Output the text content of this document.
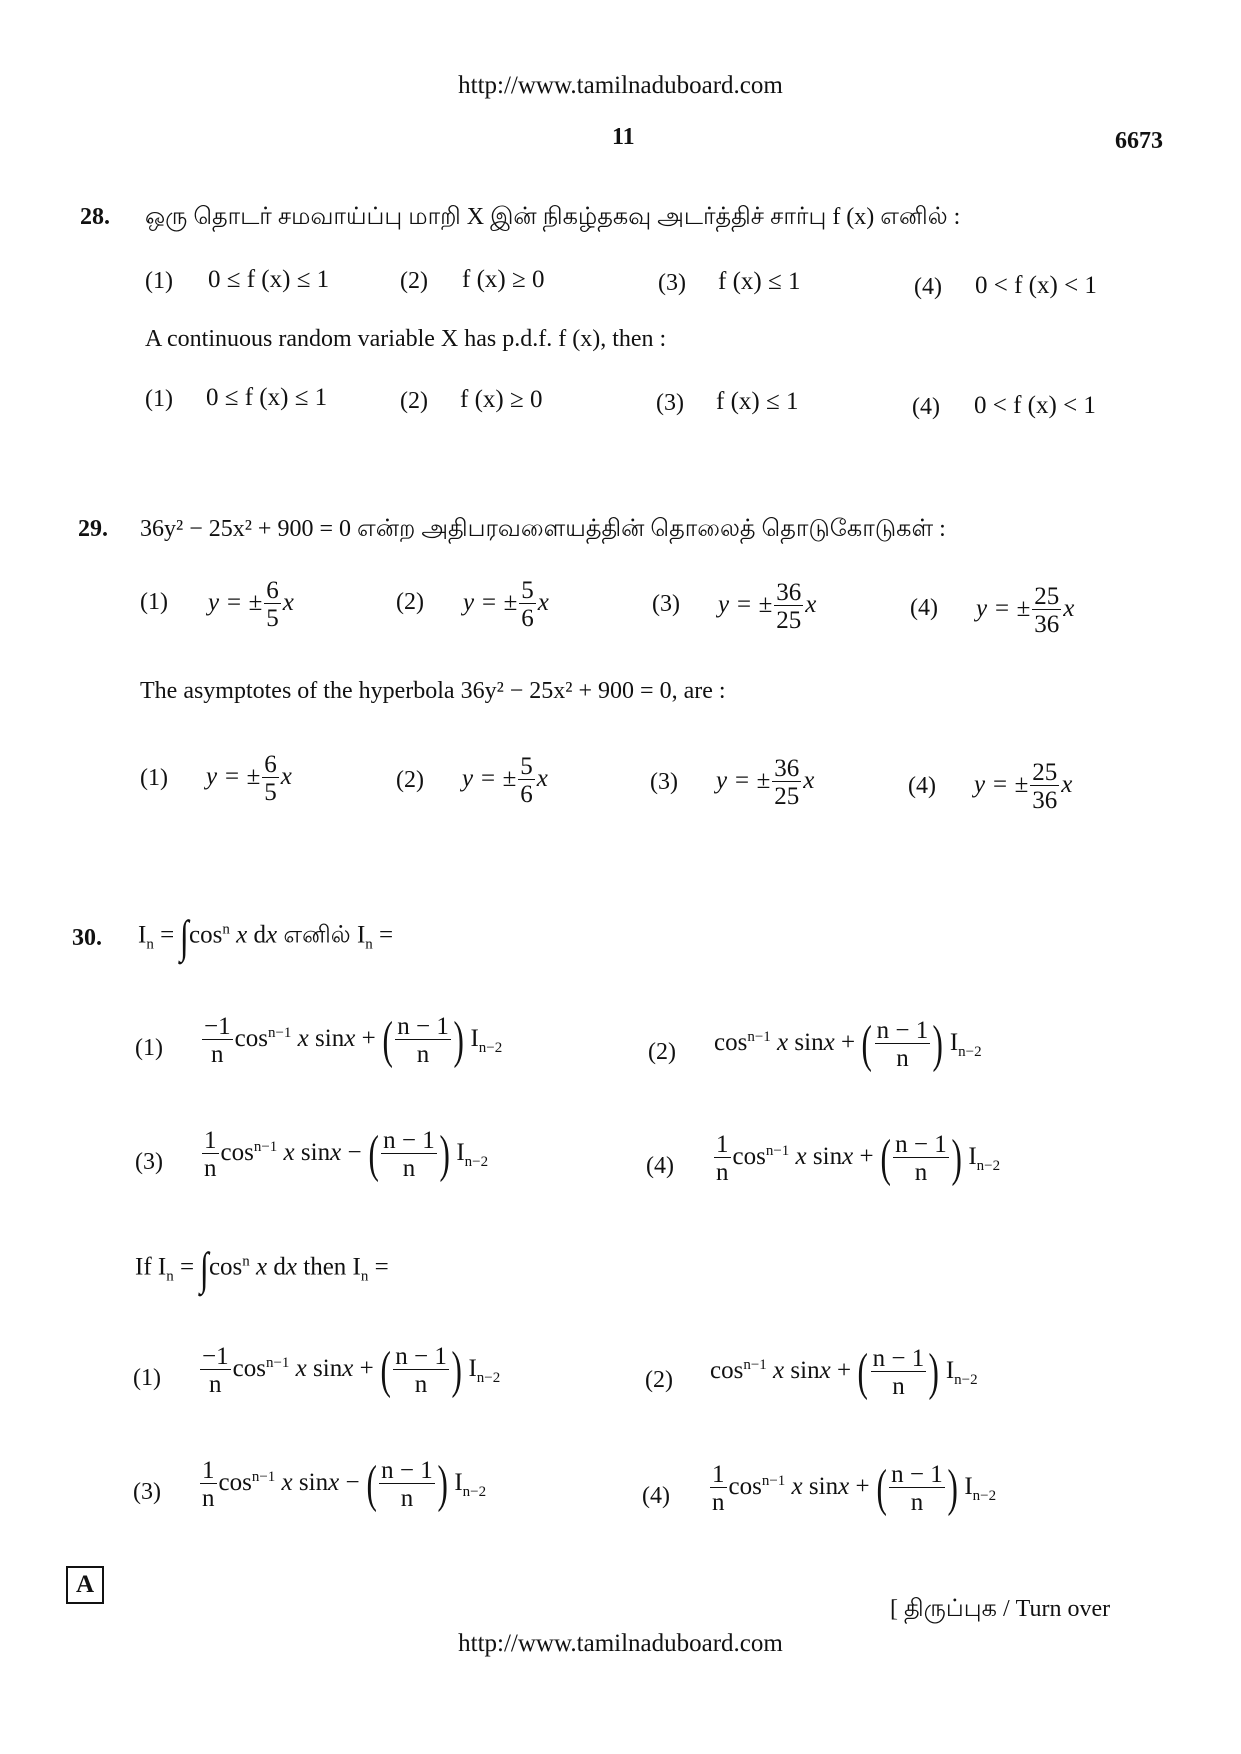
http://www.tamilnaduboard.com
11	6673
28. ஒரு தொடர் சமவாய்ப்பு மாறி X இன் நிகழ்தகவு அடர்த்திச் சார்பு f (x) எனில் :
(1) 0 ≤ f (x) ≤ 1	(2) f (x) ≥ 0	(3) f (x) ≤ 1	(4) 0 < f (x) < 1
A continuous random variable X has p.d.f. f (x), then :
(1) 0 ≤ f (x) ≤ 1	(2) f (x) ≥ 0	(3) f (x) ≤ 1	(4) 0 < f (x) < 1
29. 36y² − 25x² + 900 = 0 என்ற அதிபரவளையத்தின் தொலைத் தொடுகோடுகள் :
(1) y = ± $\frac{6}{5}$ x	(2) y = ± $\frac{5}{6}$ x	(3) y = ± $\frac{36}{25}$ x	(4) y = ± $\frac{25}{36}$ x
The asymptotes of the hyperbola 36y² − 25x² + 900 = 0, are :
(1) y = ± $\frac{6}{5}$ x	(2) y = ± $\frac{5}{6}$ x	(3) y = ± $\frac{36}{25}$ x	(4) y = ± $\frac{25}{36}$ x
30. $I_n = \int\cos^n$ x dx எனில் $I_n$ =
$(1) \frac{-1}{n} \cos^{n-1} x$ sinx + ( $\frac{n - 1}{n}$ ) $I_{n-2}$	(2) $\cos^{n-1} x$ sinx + ( $\frac{n - 1}{n}$ ) $I_{n-2}$
$(3) \frac{1}{n} \cos^{n-1} x$ sinx − ( $\frac{n - 1}{n}$ ) $I_{n-2}$	$(4) \frac{1}{n} \cos^{n-1} x$ sinx + ( $\frac{n - 1}{n}$ ) $I_{n-2}$
If $I_n = \int\cos^n$ x dx then $I_n$ =
$(1) \frac{-1}{n} \cos^{n-1} x$ sinx + ( $\frac{n - 1}{n}$ ) $I_{n-2}$	(2) $\cos^{n-1} x$ sinx + ( $\frac{n - 1}{n}$ ) $I_{n-2}$
$(3) \frac{1}{n} \cos^{n-1} x$ sinx − ( $\frac{n - 1}{n}$ ) $I_{n-2}$	$(4) \frac{1}{n} \cos^{n-1} x$ sinx + ( $\frac{n - 1}{n}$ ) $I_{n-2}$
A
[ திருப்புக / Turn over
http://www.tamilnaduboard.com
